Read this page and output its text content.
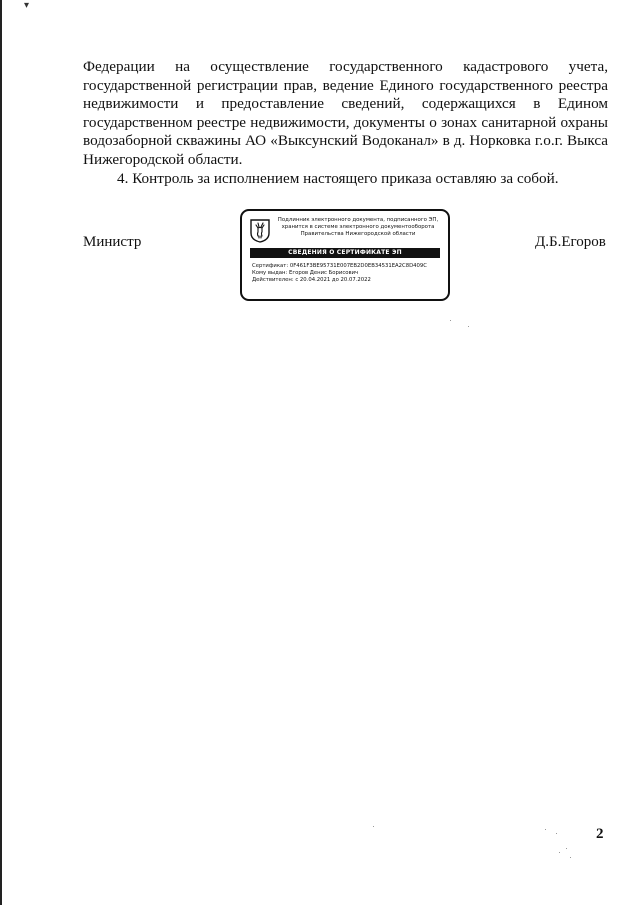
▾

Федерации на осуществление государственного кадастрового учета, государственной регистрации прав, ведение Единого государственного реестра недвижимости и предоставление сведений, содержащихся в Едином государственном реестре недвижимости, документы о зонах санитарной охраны водозаборной скважины АО «Выксунский Водоканал» в д. Норковка г.о.г. Выкса Нижегородской области.

4. Контроль за исполнением настоящего приказа оставляю за собой.

Министр
Подлинник электронного документа, подписанного ЭП,
хранится в системе электронного документооборота
Правительства Нижегородской области
СВЕДЕНИЯ О СЕРТИФИКАТЕ ЭП
Сертификат: 0F461F3BE95731E007EB2D0EB34531EA2C8D409C
Кому выдан: Егоров Денис Борисович
Действителен: с 20.04.2021 до 20.07.2022
Д.Б.Егоров
2
